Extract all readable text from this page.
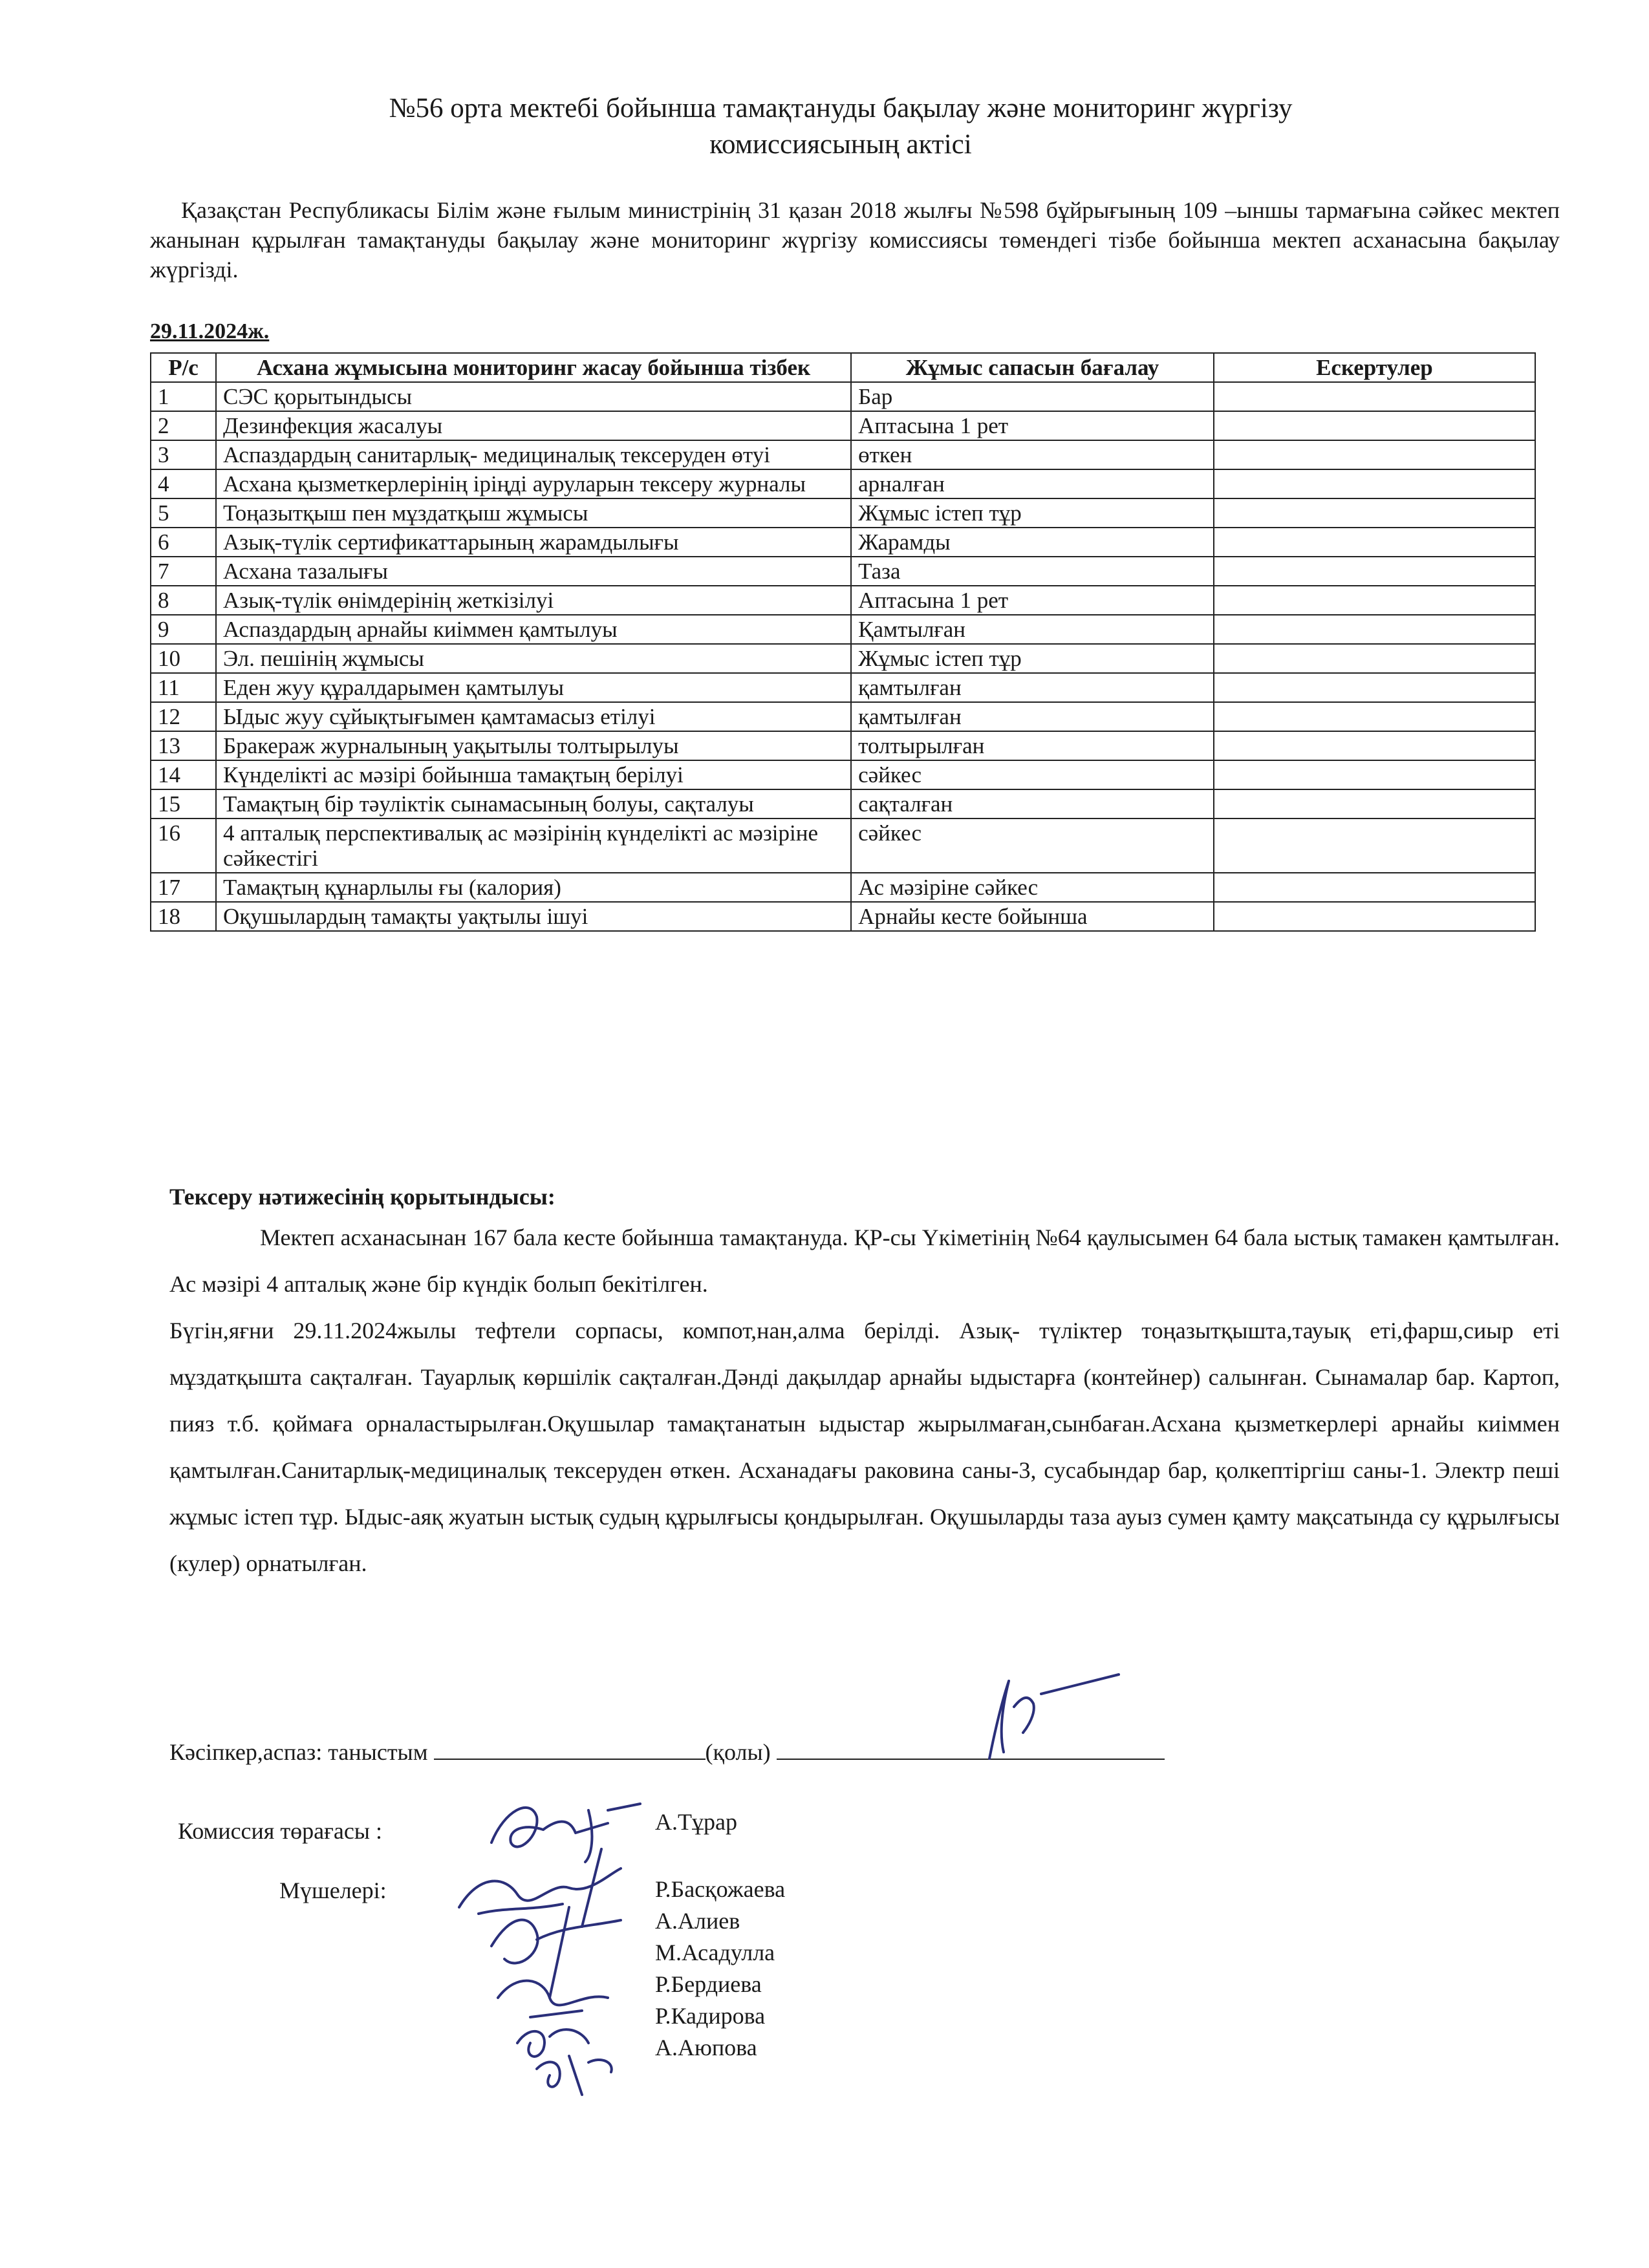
№56 орта мектебі бойынша тамақтануды бақылау және мониторинг жүргізу
комиссиясының актісі

Қазақстан Республикасы Білім және ғылым министрінің 31 қазан 2018 жылғы №598 бұйрығының 109 –ыншы тармағына сәйкес мектеп жанынан құрылған тамақтануды бақылау және мониторинг жүргізу комиссиясы төмендегі тізбе бойынша мектеп асханасына бақылау жүргізді.

29.11.2024ж.
Р/с	Асхана жұмысына мониторинг жасау бойынша тізбек	Жұмыс сапасын бағалау	Ескертулер
1	СЭС қорытындысы	Бар	
2	Дезинфекция жасалуы	Аптасына 1 рет	
3	Аспаздардың санитарлық- медициналық тексеруден өтуі	өткен	
4	Асхана қызметкерлерінің іріңді ауруларын тексеру журналы	арналған	
5	Тоңазытқыш пен мұздатқыш жұмысы	Жұмыс істеп тұр	
6	Азық-түлік сертификаттарының жарамдылығы	Жарамды	
7	Асхана тазалығы	Таза	
8	Азық-түлік өнімдерінің жеткізілуі	Аптасына 1 рет	
9	Аспаздардың арнайы киіммен қамтылуы	Қамтылған	
10	Эл. пешінің жұмысы	Жұмыс істеп тұр	
11	Еден жуу құралдарымен қамтылуы	қамтылған	
12	Ыдыс жуу сұйықтығымен қамтамасыз етілуі	қамтылған	
13	Бракераж журналының уақытылы толтырылуы	толтырылған	
14	Күнделікті ас мәзірі бойынша тамақтың берілуі	сәйкес	
15	Тамақтың бір тәуліктік сынамасының болуы, сақталуы	сақталған	
16	4 апталық перспективалық ас мәзірінің күнделікті ас мәзіріне сәйкестігі	сәйкес	
17	Тамақтың құнарлылы ғы (калория)	Ас мәзіріне сәйкес	
18	Оқушылардың тамақты уақтылы ішуі	Арнайы кесте бойынша	
Тексеру нәтижесінің қорытындысы:

Мектеп асханасынан 167 бала кесте бойынша тамақтануда. ҚР-сы Үкіметінің №64 қаулысымен 64 бала ыстық тамакен қамтылған. Ас мәзірі 4 апталық және бір күндік болып бекітілген.

Бүгін,яғни 29.11.2024жылы тефтели сорпасы, компот,нан,алма берілді. Азық- түліктер тоңазытқышта,тауық еті,фарш,сиыр еті мұздатқышта сақталған. Тауарлық көршілік сақталған.Дәнді дақылдар арнайы ыдыстарға (контейнер) салынған. Сынамалар бар. Картоп, пияз т.б. қоймаға орналастырылған.Оқушылар тамақтанатын ыдыстар жырылмаған,сынбаған.Асхана қызметкерлері арнайы киіммен қамтылған.Санитарлық-медициналық тексеруден өткен. Асханадағы раковина саны-3, сусабындар бар, қолкептіргіш саны-1. Электр пеші жұмыс істеп тұр. Ыдыс-аяқ жуатын ыстық судың құрылғысы қондырылған. Оқушыларды таза ауыз сумен қамту мақсатында су құрылғысы (кулер) орнатылған.

Кәсіпкер,аспаз: таныстым	(қолы)
Комиссия төрағасы :	А.Тұрар
Мүшелері:	Р.Басқожаева
А.Алиев
М.Асадулла
Р.Бердиева
Р.Кадирова
А.Аюпова
